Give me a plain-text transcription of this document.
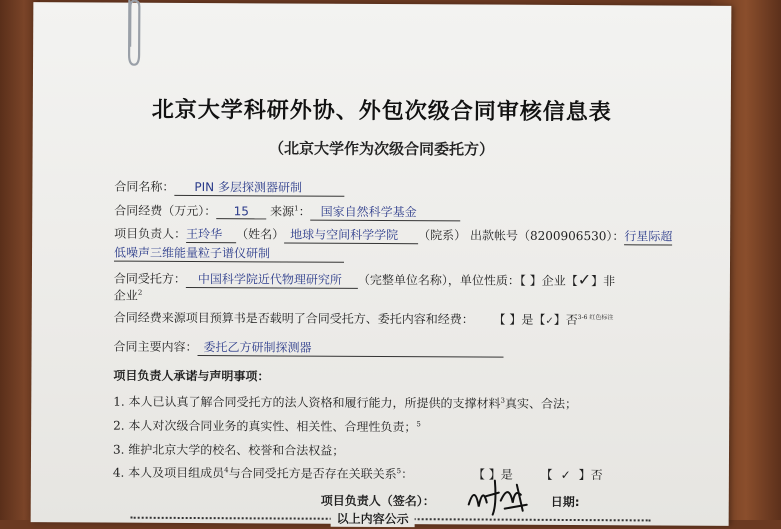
北京大学科研外协、外包次级合同审核信息表
（北京大学作为次级合同委托方）
合同名称： PIN 多层探测器研制
合同经费（万元）： 15 来源$^1$： 国家自然科学基金
项目负责人：王玲华 （姓名） 地球与空间科学学院 （院系） 出款帐号（8200906530）：行星际超
低噪声三维能量粒子谱仪研制
合同受托方： 中国科学院近代物理研究所 （完整单位名称），单位性质：【 】企业【✓】非
企业$^2$
合同经费来源项目预算书是否载明了合同受托方、委托内容和经费： 【 】是【✓】否$^{3-6 红色标注}$
合同主要内容： 委托乙方研制探测器
项目负责人承诺与声明事项：
1. 本人已认真了解合同受托方的法人资格和履行能力，所提供的支撑材料$^3$真实、合法；
2. 本人对次级合同业务的真实性、相关性、合理性负责；$^5$
3. 维护北京大学的校名、校誉和合法权益；
4. 本人及项目组成员$^4$与合同受托方是否存在关联关系$^5$：	【 】是 【 ✓ 】否
项目负责人（签名）：	日期:
以上内容公示
